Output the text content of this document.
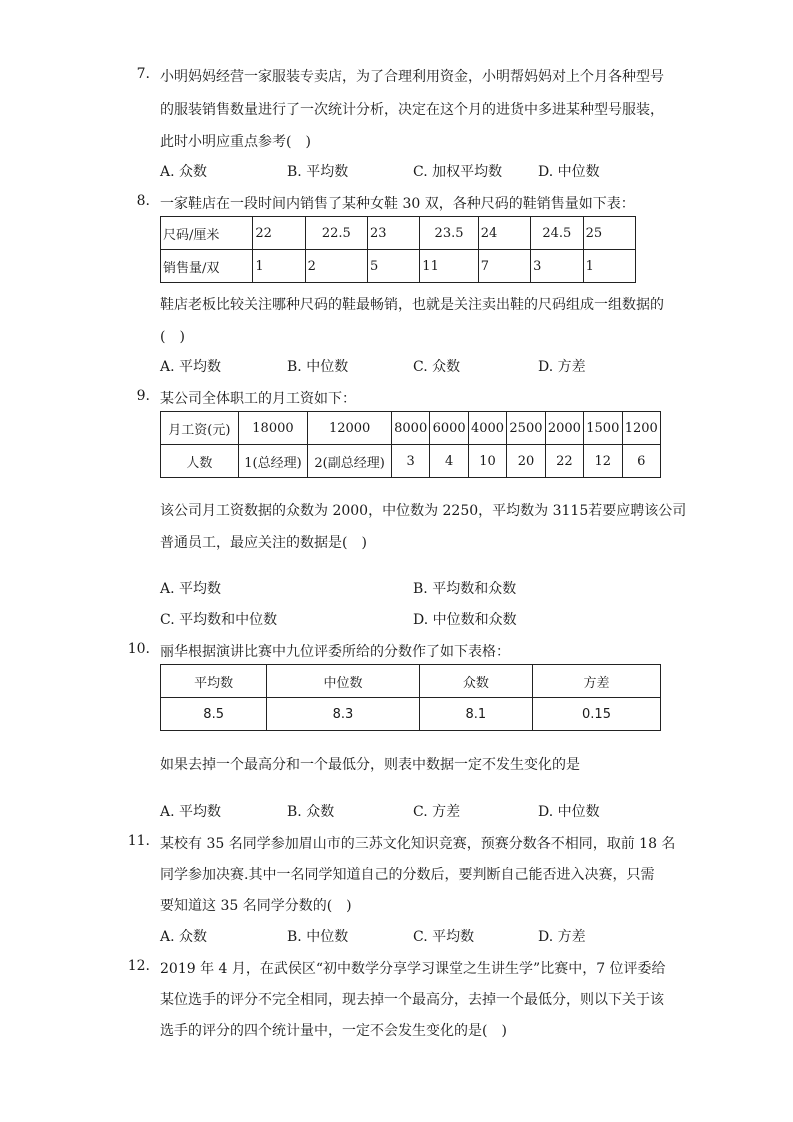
7. 小明妈妈经营一家服装专卖店，为了合理利用资金，小明帮妈妈对上个月各种型号
的服装销售数量进行了一次统计分析，决定在这个月的进货中多进某种型号服装，
此时小明应重点参考(　)
A. 众数	B. 平均数	C. 加权平均数	D. 中位数
8. 一家鞋店在一段时间内销售了某种女鞋 30 双，各种尺码的鞋销售量如下表：
尺码/厘米	22	22.5	23	23.5	24	24.5	25
销售量/双	1	2	5	11	7	3	1
鞋店老板比较关注哪种尺码的鞋最畅销，也就是关注卖出鞋的尺码组成一组数据的
(　)
A. 平均数	B. 中位数	C. 众数	D. 方差
9. 某公司全体职工的月工资如下：
月工资(元)	18000	12000	8000	6000	4000	2500	2000	1500	1200
人数	1(总经理)	2(副总经理)	3	4	10	20	22	12	6
该公司月工资数据的众数为 2000，中位数为 2250，平均数为 3115若要应聘该公司
普通员工，最应关注的数据是(　)
A. 平均数	B. 平均数和众数
C. 平均数和中位数	D. 中位数和众数
10. 丽华根据演讲比赛中九位评委所给的分数作了如下表格：
平均数	中位数	众数	方差
8.5	8.3	8.1	0.15
如果去掉一个最高分和一个最低分，则表中数据一定不发生变化的是
A. 平均数	B. 众数	C. 方差	D. 中位数
11. 某校有 35 名同学参加眉山市的三苏文化知识竞赛，预赛分数各不相同，取前 18 名
同学参加决赛.其中一名同学知道自己的分数后，要判断自己能否进入决赛，只需
要知道这 35 名同学分数的(　)
A. 众数	B. 中位数	C. 平均数	D. 方差
12. 2019 年 4 月，在武侯区“初中数学分享学习课堂之生讲生学”比赛中，7 位评委给
某位选手的评分不完全相同，现去掉一个最高分，去掉一个最低分，则以下关于该
选手的评分的四个统计量中，一定不会发生变化的是(　)
